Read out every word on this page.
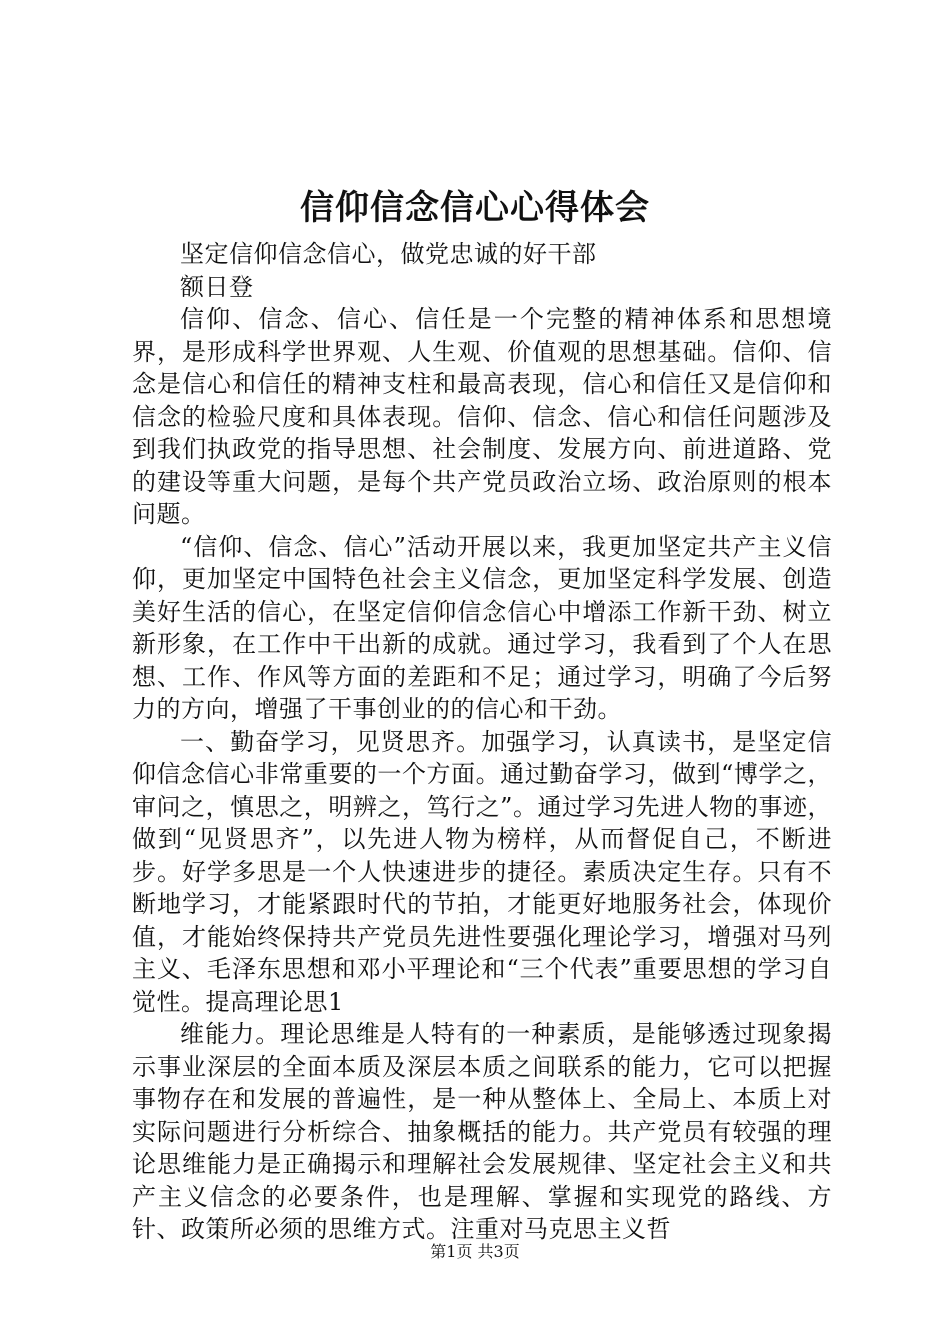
信仰信念信心心得体会

坚定信仰信念信心，做党忠诚的好干部

额日登

信仰、信念、信心、信任是一个完整的精神体系和思想境界，是形成科学世界观、人生观、价值观的思想基础。信仰、信念是信心和信任的精神支柱和最高表现，信心和信任又是信仰和信念的检验尺度和具体表现。信仰、信念、信心和信任问题涉及到我们执政党的指导思想、社会制度、发展方向、前进道路、党的建设等重大问题，是每个共产党员政治立场、政治原则的根本问题。

“信仰、信念、信心”活动开展以来，我更加坚定共产主义信仰，更加坚定中国特色社会主义信念，更加坚定科学发展、创造美好生活的信心，在坚定信仰信念信心中增添工作新干劲、树立新形象，在工作中干出新的成就。通过学习，我看到了个人在思想、工作、作风等方面的差距和不足；通过学习，明确了今后努力的方向，增强了干事创业的的信心和干劲。

一、勤奋学习，见贤思齐。加强学习，认真读书，是坚定信仰信念信心非常重要的一个方面。通过勤奋学习，做到“博学之，审问之，慎思之，明辨之，笃行之”。通过学习先进人物的事迹，做到“见贤思齐”，以先进人物为榜样，从而督促自己，不断进步。好学多思是一个人快速进步的捷径。素质决定生存。只有不断地学习，才能紧跟时代的节拍，才能更好地服务社会，体现价值，才能始终保持共产党员先进性要强化理论学习，增强对马列主义、毛泽东思想和邓小平理论和“三个代表”重要思想的学习自觉性。提高理论思1

维能力。理论思维是人特有的一种素质，是能够透过现象揭示事业深层的全面本质及深层本质之间联系的能力，它可以把握事物存在和发展的普遍性，是一种从整体上、全局上、本质上对实际问题进行分析综合、抽象概括的能力。共产党员有较强的理论思维能力是正确揭示和理解社会发展规律、坚定社会主义和共产主义信念的必要条件，也是理解、掌握和实现党的路线、方针、政策所必须的思维方式。注重对马克思主义哲

第1页 共3页
